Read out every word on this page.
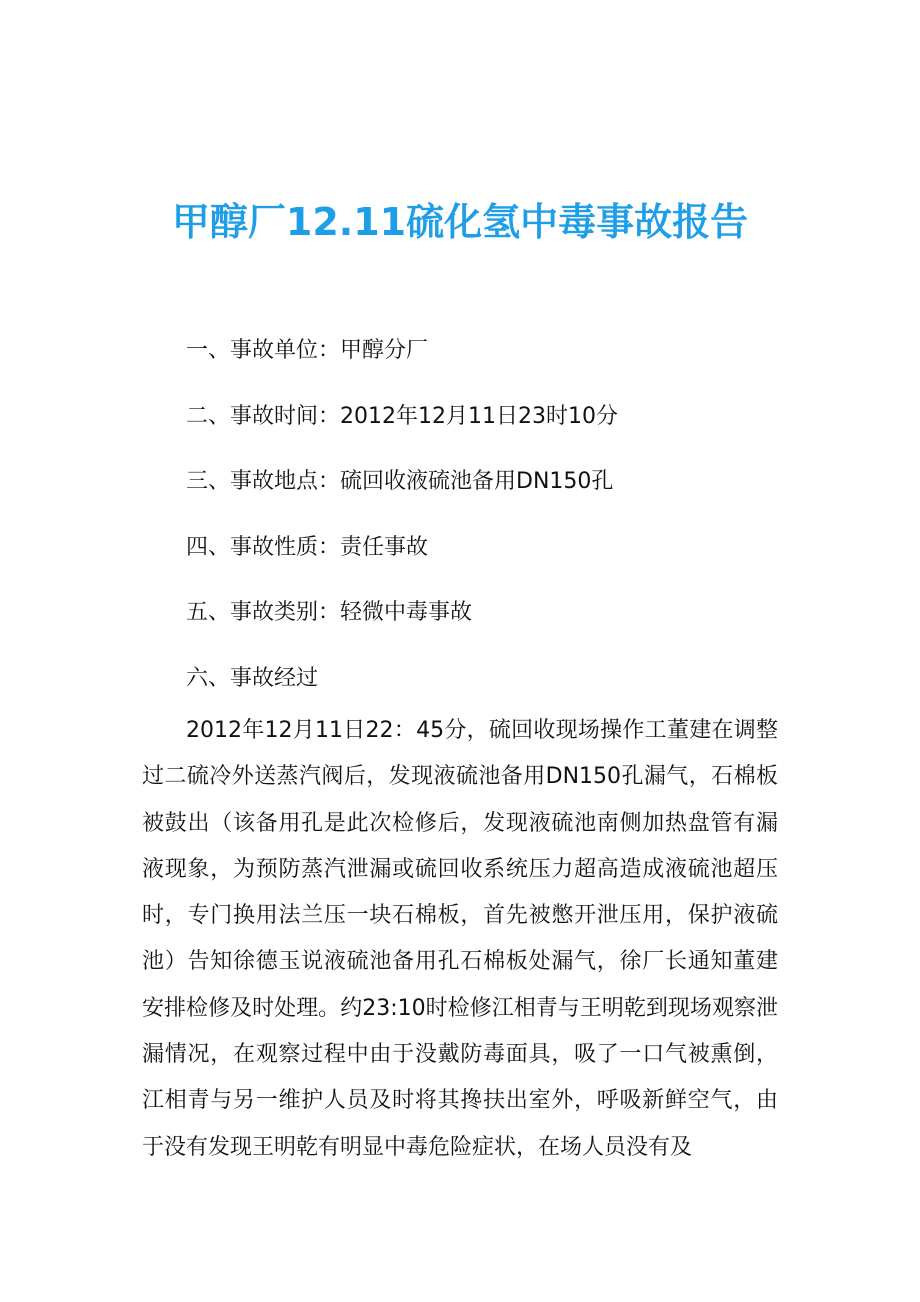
甲醇厂12.11硫化氢中毒事故报告
一、事故单位：甲醇分厂
二、事故时间：2012年12月11日23时10分
三、事故地点：硫回收液硫池备用DN150孔
四、事故性质：责任事故
五、事故类别：轻微中毒事故
六、事故经过
2012年12月11日22：45分，硫回收现场操作工董建在调整过二硫冷外送蒸汽阀后，发现液硫池备用DN150孔漏气，石棉板被鼓出（该备用孔是此次检修后，发现液硫池南侧加热盘管有漏液现象，为预防蒸汽泄漏或硫回收系统压力超高造成液硫池超压时，专门换用法兰压一块石棉板，首先被憋开泄压用，保护液硫池）告知徐德玉说液硫池备用孔石棉板处漏气，徐厂长通知董建安排检修及时处理。约23:10时检修江相青与王明乾到现场观察泄漏情况，在观察过程中由于没戴防毒面具，吸了一口气被熏倒，江相青与另一维护人员及时将其搀扶出室外，呼吸新鲜空气，由于没有发现王明乾有明显中毒危险症状，在场人员没有及
